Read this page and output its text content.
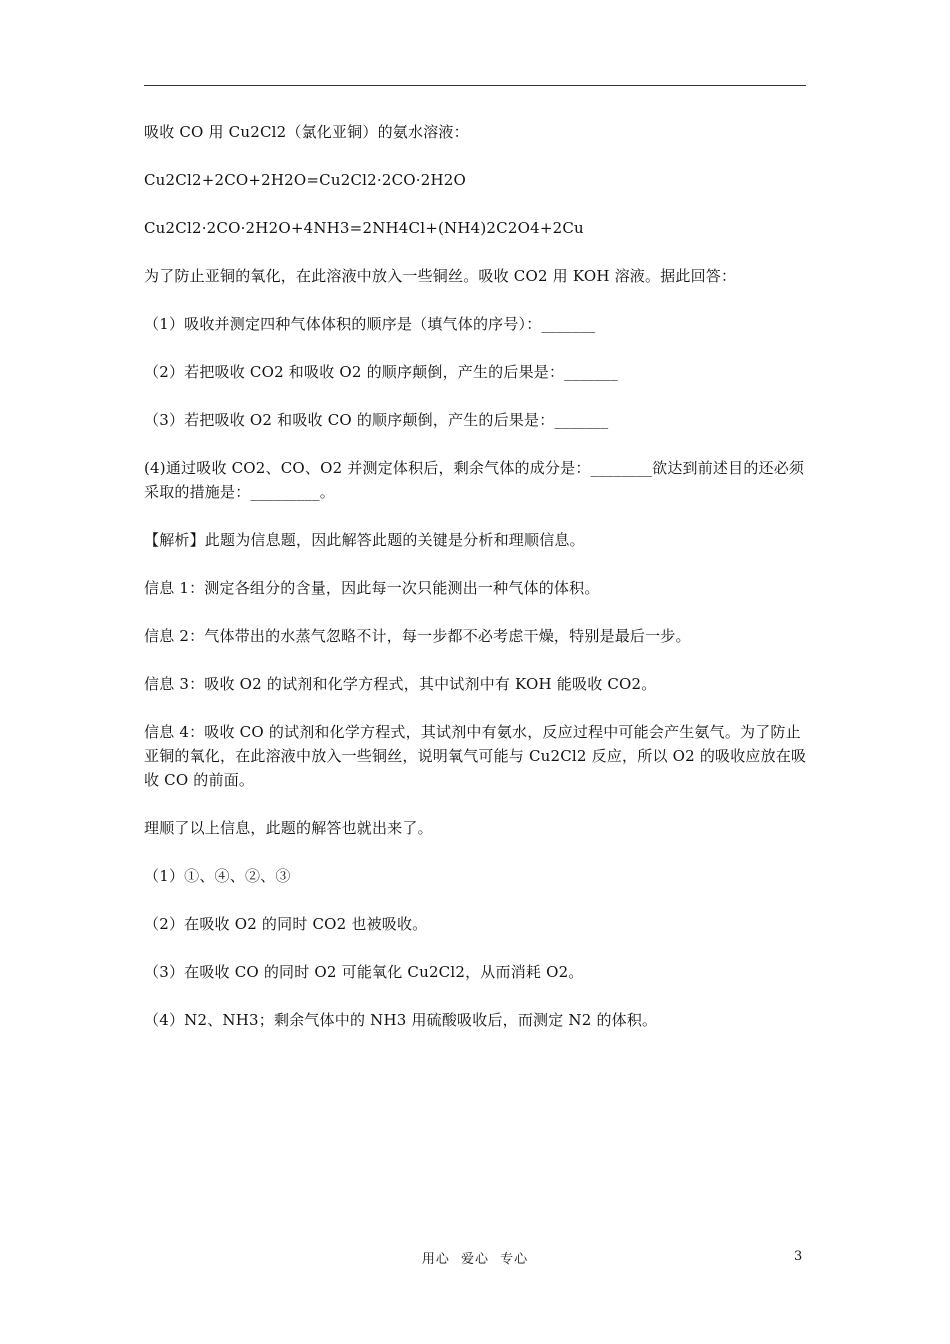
吸收 CO 用 Cu2Cl2（氯化亚铜）的氨水溶液：

Cu2Cl2+2CO+2H2O=Cu2Cl2·2CO·2H2O

Cu2Cl2·2CO·2H2O+4NH3=2NH4Cl+(NH4)2C2O4+2Cu

为了防止亚铜的氧化，在此溶液中放入一些铜丝。吸收 CO2 用 KOH 溶液。据此回答：

（1）吸收并测定四种气体体积的顺序是（填气体的序号）：_______

（2）若把吸收 CO2 和吸收 O2 的顺序颠倒，产生的后果是：_______

（3）若把吸收 O2 和吸收 CO 的顺序颠倒，产生的后果是：_______

(4)通过吸收 CO2、CO、O2 并测定体积后，剩余气体的成分是：________欲达到前述目的还必须采取的措施是：_________。

【解析】此题为信息题，因此解答此题的关键是分析和理顺信息。

信息 1：测定各组分的含量，因此每一次只能测出一种气体的体积。

信息 2：气体带出的水蒸气忽略不计，每一步都不必考虑干燥，特别是最后一步。

信息 3：吸收 O2 的试剂和化学方程式，其中试剂中有 KOH 能吸收 CO2。

信息 4：吸收 CO 的试剂和化学方程式，其试剂中有氨水，反应过程中可能会产生氨气。为了防止亚铜的氧化，在此溶液中放入一些铜丝，说明氧气可能与 Cu2Cl2 反应，所以 O2 的吸收应放在吸收 CO 的前面。

理顺了以上信息，此题的解答也就出来了。

（1）①、④、②、③

（2）在吸收 O2 的同时 CO2 也被吸收。

（3）在吸收 CO 的同时 O2 可能氧化 Cu2Cl2，从而消耗 O2。

（4）N2、NH3；剩余气体中的 NH3 用硫酸吸收后，而测定 N2 的体积。

用心 爱心 专心	3
